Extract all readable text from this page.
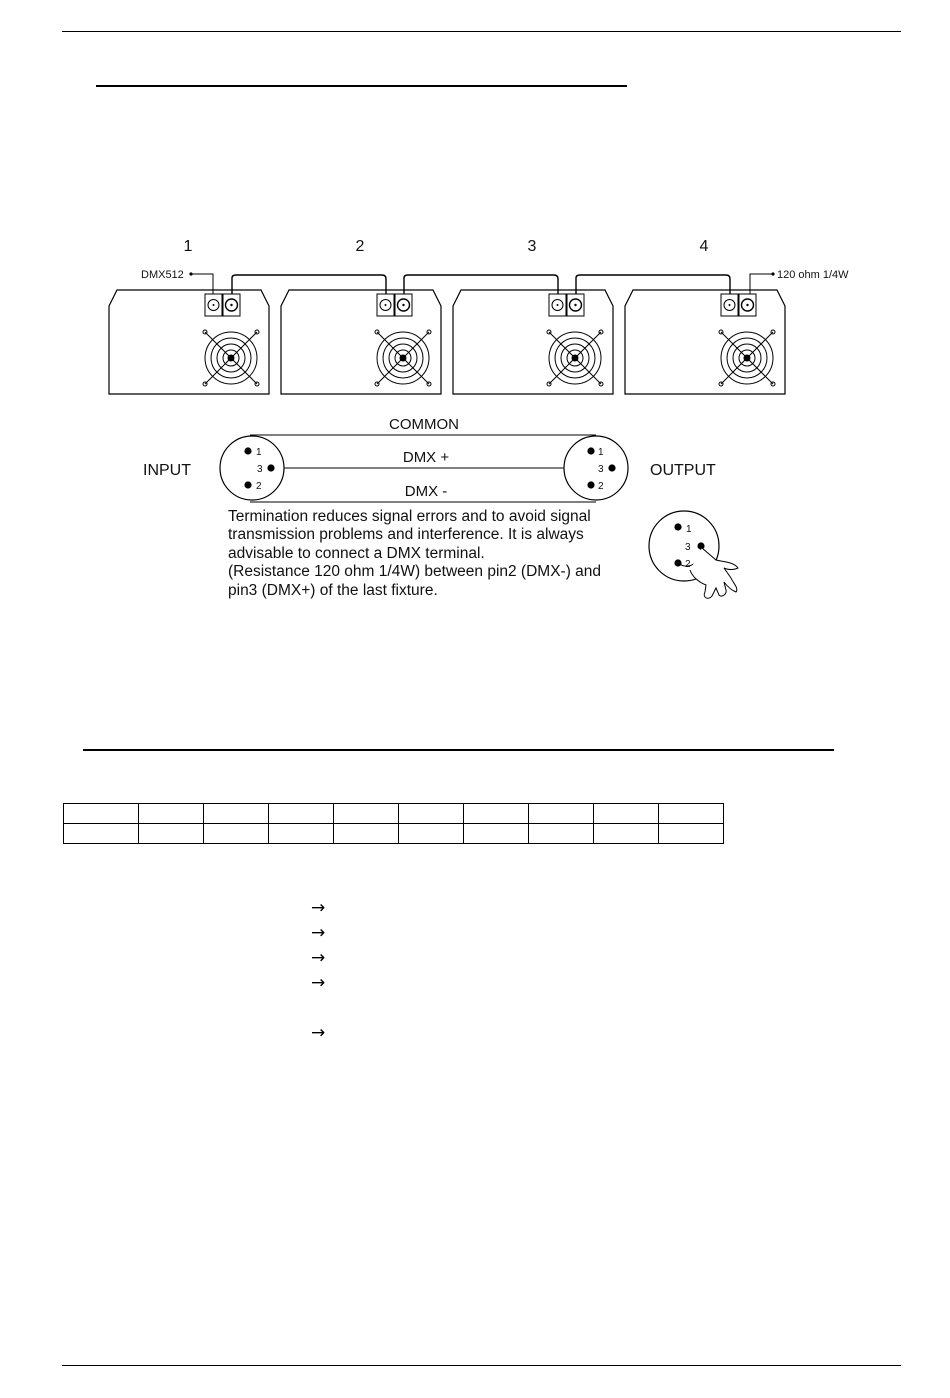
1	2	3	4
DMX512	120 ohm 1/4W
COMMON
DMX +
DMX -
INPUT	OUTPUT
1
3
2
1
3
2
1
3
2

Termination reduces signal errors and to avoid signal

transmission problems and interference. It is always

advisable to connect a DMX terminal.

(Resistance 120 ohm 1/4W) between pin2 (DMX-) and

pin3 (DMX+) of the last fixture.

→
→
→
→
→
